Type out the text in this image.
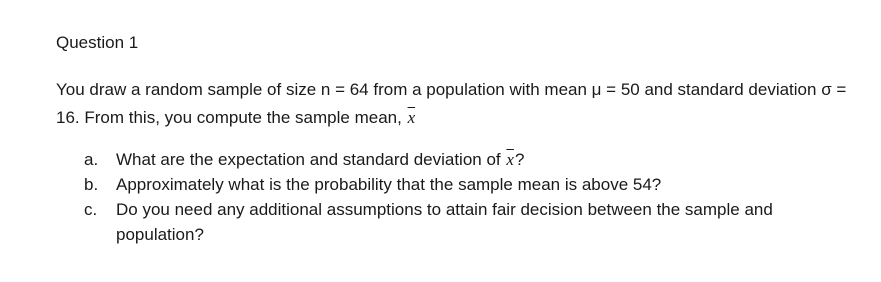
Question 1
You draw a random sample of size n = 64 from a population with mean μ = 50 and standard deviation σ = 16. From this, you compute the sample mean, $\overline{x}$
a.	What are the expectation and standard deviation of $\overline{x}$?
b.	Approximately what is the probability that the sample mean is above 54?
c.	Do you need any additional assumptions to attain fair decision between the sample and population?
